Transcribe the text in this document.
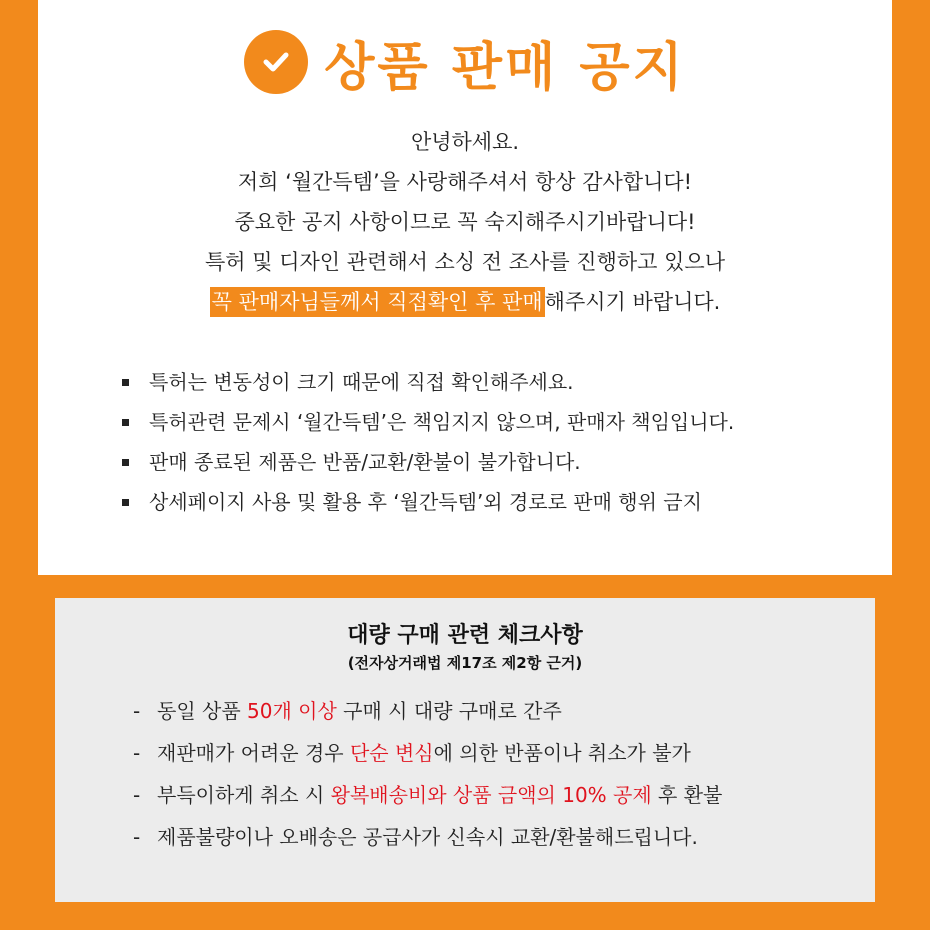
상품 판매 공지
안녕하세요.
저희 ‘월간득템’을 사랑해주셔서 항상 감사합니다!
중요한 공지 사항이므로 꼭 숙지해주시기바랍니다!
특허 및 디자인 관련해서 소싱 전 조사를 진행하고 있으나
꼭 판매자님들께서 직접확인 후 판매해주시기 바랍니다.
특허는 변동성이 크기 때문에 직접 확인해주세요.
특허관련 문제시 ‘월간득템’은 책임지지 않으며, 판매자 책임입니다.
판매 종료된 제품은 반품/교환/환불이 불가합니다.
상세페이지 사용 및 활용 후 ‘월간득템’외 경로로 판매 행위 금지
대량 구매 관련 체크사항
(전자상거래법 제17조 제2항 근거)
- 동일 상품 50개 이상 구매 시 대량 구매로 간주
- 재판매가 어려운 경우 단순 변심에 의한 반품이나 취소가 불가
- 부득이하게 취소 시 왕복배송비와 상품 금액의 10% 공제 후 환불
- 제품불량이나 오배송은 공급사가 신속시 교환/환불해드립니다.
